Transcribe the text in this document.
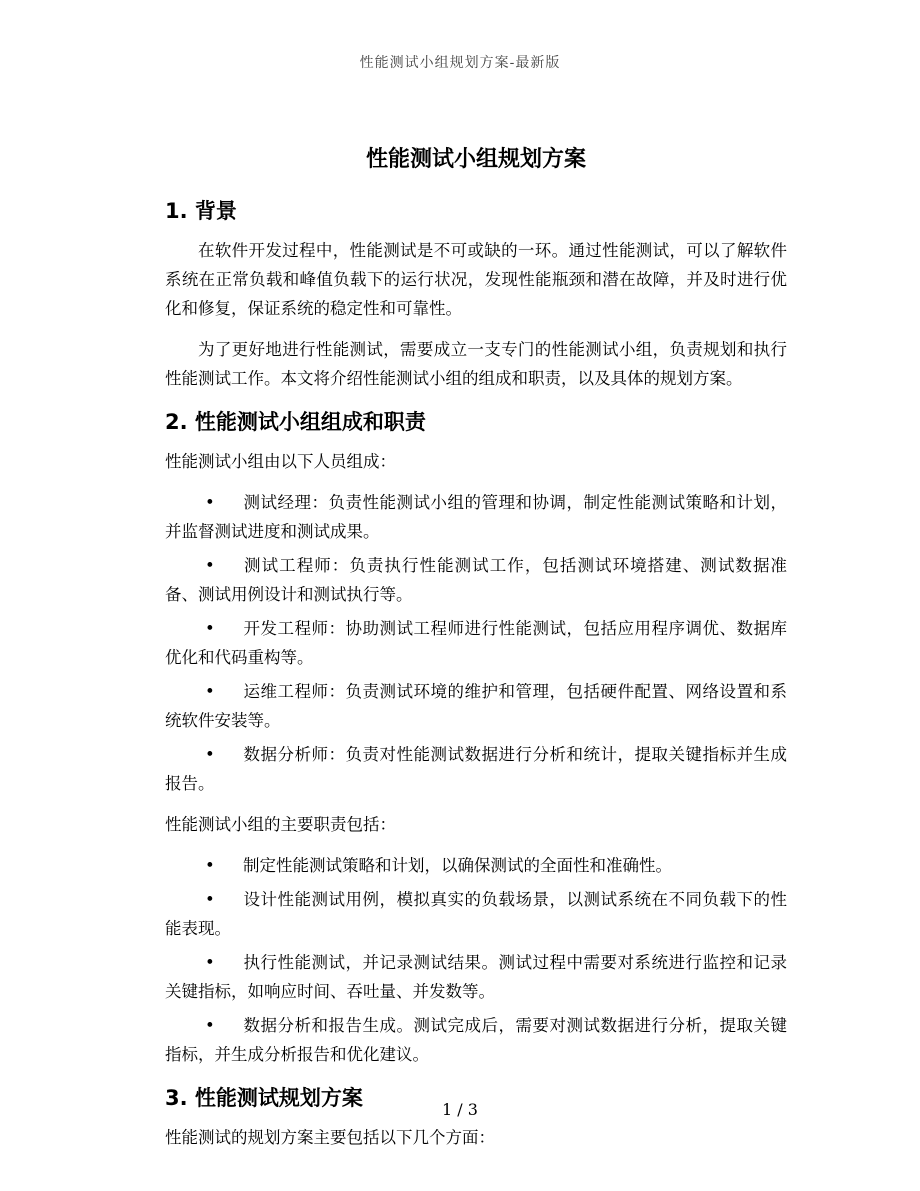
性能测试小组规划方案-最新版
性能测试小组规划方案
1. 背景

在软件开发过程中，性能测试是不可或缺的一环。通过性能测试，可以了解软件系统在正常负载和峰值负载下的运行状况，发现性能瓶颈和潜在故障，并及时进行优化和修复，保证系统的稳定性和可靠性。

为了更好地进行性能测试，需要成立一支专门的性能测试小组，负责规划和执行性能测试工作。本文将介绍性能测试小组的组成和职责，以及具体的规划方案。

2. 性能测试小组组成和职责

性能测试小组由以下人员组成：

• 测试经理：负责性能测试小组的管理和协调，制定性能测试策略和计划，并监督测试进度和测试成果。
• 测试工程师：负责执行性能测试工作，包括测试环境搭建、测试数据准备、测试用例设计和测试执行等。
• 开发工程师：协助测试工程师进行性能测试，包括应用程序调优、数据库优化和代码重构等。
• 运维工程师：负责测试环境的维护和管理，包括硬件配置、网络设置和系统软件安装等。
• 数据分析师：负责对性能测试数据进行分析和统计，提取关键指标并生成报告。

性能测试小组的主要职责包括：

• 制定性能测试策略和计划，以确保测试的全面性和准确性。
• 设计性能测试用例，模拟真实的负载场景，以测试系统在不同负载下的性能表现。
• 执行性能测试，并记录测试结果。测试过程中需要对系统进行监控和记录关键指标，如响应时间、吞吐量、并发数等。
• 数据分析和报告生成。测试完成后，需要对测试数据进行分析，提取关键指标，并生成分析报告和优化建议。
3. 性能测试规划方案

性能测试的规划方案主要包括以下几个方面：

1 / 3
